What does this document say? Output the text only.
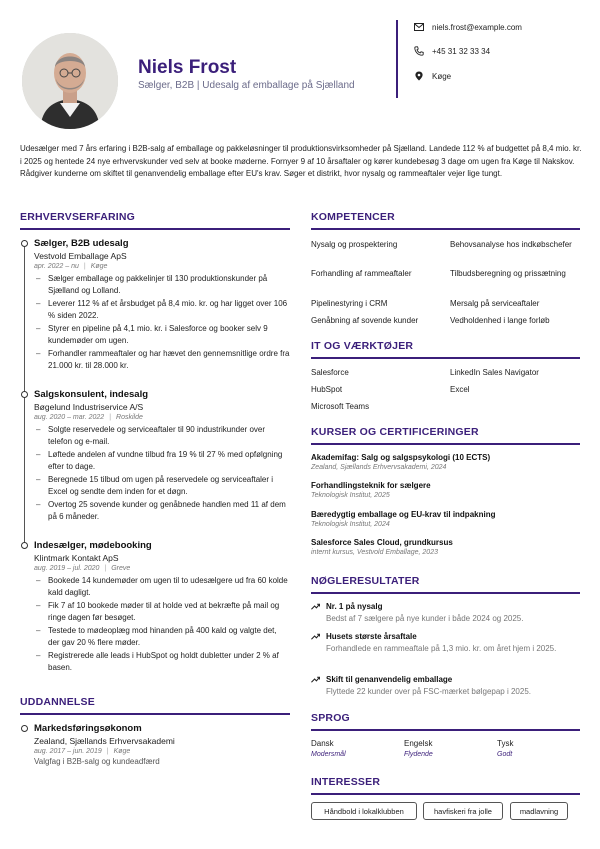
Niels Frost
Sælger, B2B | Udesalg af emballage på Sjælland
niels.frost@example.com
+45 31 32 33 34
Køge
Udesælger med 7 års erfaring i B2B-salg af emballage og pakkeløsninger til produktionsvirksomheder på Sjælland. Landede 112 % af budgettet på 8,4 mio. kr. i 2025 og hentede 24 nye erhvervskunder ved selv at booke møderne. Fornyer 9 af 10 årsaftaler og kører kundebesøg 3 dage om ugen fra Køge til Nakskov. Rådgiver kunderne om skiftet til genanvendelig emballage efter EU's krav. Søger et distrikt, hvor nysalg og rammeaftaler vejer lige tungt.
ERHVERVSERFARING
Sælger, B2B udesalg
Vestvold Emballage ApS
apr. 2022 – nu | Køge
– Sælger emballage og pakkelinjer til 130 produktionskunder på Sjælland og Lolland.
– Leverer 112 % af et årsbudget på 8,4 mio. kr. og har ligget over 106 % siden 2022.
– Styrer en pipeline på 4,1 mio. kr. i Salesforce og booker selv 9 kundemøder om ugen.
– Forhandler rammeaftaler og har hævet den gennemsnitlige ordre fra 21.000 kr. til 28.000 kr.
Salgskonsulent, indesalg
Bøgelund Industriservice A/S
aug. 2020 – mar. 2022 | Roskilde
– Solgte reservedele og serviceaftaler til 90 industrikunder over telefon og e-mail.
– Løftede andelen af vundne tilbud fra 19 % til 27 % med opfølgning efter to dage.
– Beregnede 15 tilbud om ugen på reservedele og serviceaftaler i Excel og sendte dem inden for et døgn.
– Overtog 25 sovende kunder og genåbnede handlen med 11 af dem på 6 måneder.
Indesælger, mødebooking
Klintmark Kontakt ApS
aug. 2019 – jul. 2020 | Greve
– Bookede 14 kundemøder om ugen til to udesælgere ud fra 60 kolde kald dagligt.
– Fik 7 af 10 bookede møder til at holde ved at bekræfte på mail og ringe dagen før besøget.
– Testede to mødeoplæg mod hinanden på 400 kald og valgte det, der gav 20 % flere møder.
– Registrerede alle leads i HubSpot og holdt dubletter under 2 % af basen.
UDDANNELSE
Markedsføringsøkonom
Zealand, Sjællands Erhvervsakademi
aug. 2017 – jun. 2019 | Køge
Valgfag i B2B-salg og kundeadfærd
KOMPETENCER
Nysalg og prospektering	Behovsanalyse hos indkøbschefer
Forhandling af rammeaftaler	Tilbudsberegning og prissætning
Pipelinestyring i CRM	Mersalg på serviceaftaler
Genåbning af sovende kunder	Vedholdenhed i lange forløb
IT OG VÆRKTØJER
Salesforce	LinkedIn Sales Navigator
HubSpot	Excel
Microsoft Teams
KURSER OG CERTIFICERINGER
Akademifag: Salg og salgspsykologi (10 ECTS)
Zealand, Sjællands Erhvervsakademi, 2024
Forhandlingsteknik for sælgere
Teknologisk Institut, 2025
Bæredygtig emballage og EU-krav til indpakning
Teknologisk Institut, 2024
Salesforce Sales Cloud, grundkursus
internt kursus, Vestvold Emballage, 2023
NØGLERESULTATER
Nr. 1 på nysalg
Bedst af 7 sælgere på nye kunder i både 2024 og 2025.
Husets største årsaftale
Forhandlede en rammeaftale på 1,3 mio. kr. om året hjem i 2025.
Skift til genanvendelig emballage
Flyttede 22 kunder over på FSC-mærket bølgepap i 2025.
SPROG
Dansk
Modersmål
Engelsk
Flydende
Tysk
Godt
INTERESSER
Håndbold i lokalklubben	havfiskeri fra jolle	madlavning
